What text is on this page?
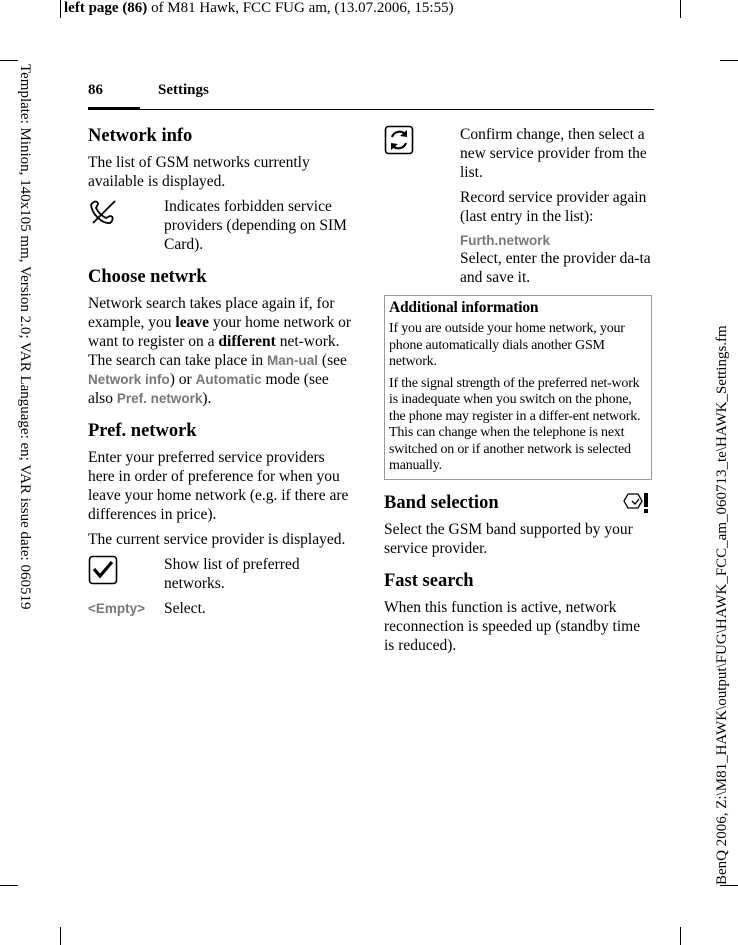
left page (86) of M81 Hawk, FCC FUG am, (13.07.2006, 15:55)
Template: Minion, 140x105 mm, Version 2.0; VAR Language: en; VAR issue date: 060519	BenQ 2006, Z:\M81_HAWK\output\FUG\HAWK_FCC_am_060713_te\HAWK_Settings.fm
86	Settings
Network info

The list of GSM networks currently available is displayed.

Indicates forbidden service providers (depending on SIM Card).
Choose netwrk

Network search takes place again if, for example, you leave your home network or want to register on a different net-work. The search can take place in Man-ual (see Network info) or Automatic mode (see also Pref. network).

Pref. network

Enter your preferred service providers here in order of preference for when you leave your home network (e.g. if there are differences in price).

The current service provider is displayed.

Show list of preferred networks.
<Empty> Select.
Confirm change, then select a new service provider from the list.

Record service provider again (last entry in the list):

Furth.network
Select, enter the provider da-ta and save it.
Additional information

If you are outside your home network, your phone automatically dials another GSM network.

If the signal strength of the preferred net-work is inadequate when you switch on the phone, the phone may register in a differ-ent network. This can change when the telephone is next switched on or if another network is selected manually.

Band selection

Select the GSM band supported by your service provider.

Fast search

When this function is active, network reconnection is speeded up (standby time is reduced).
